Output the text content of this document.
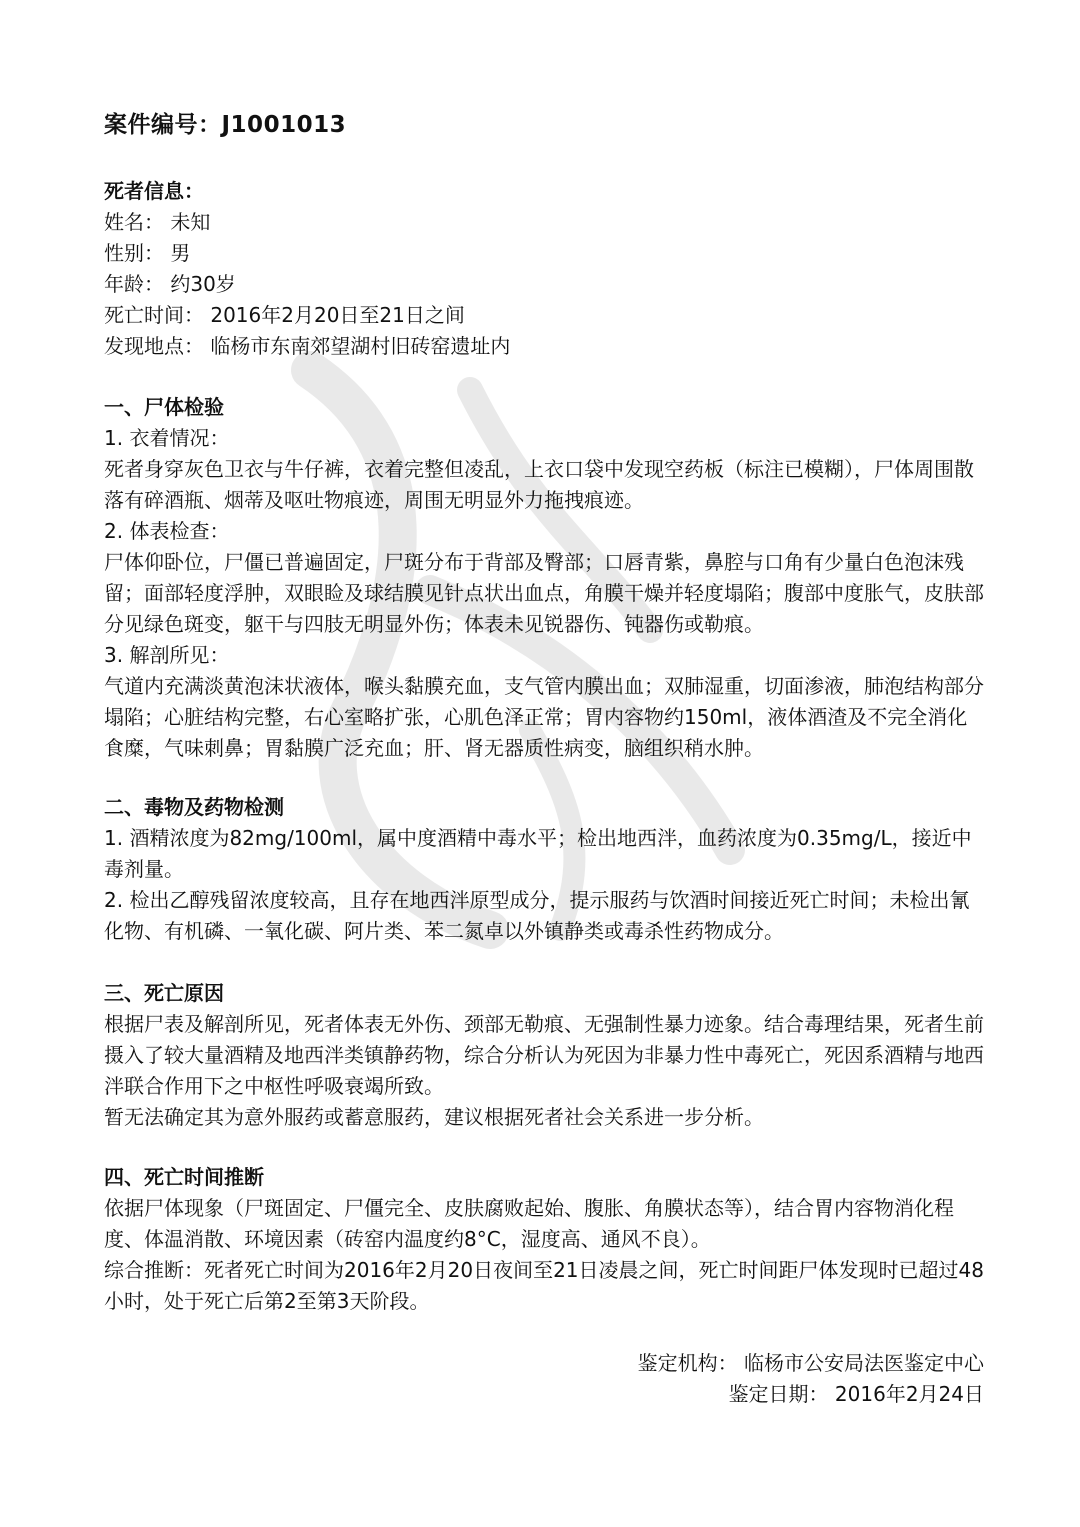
案件编号：J1001013
死者信息：
姓名： 未知
性别： 男
年龄： 约30岁
死亡时间： 2016年2月20日至21日之间
发现地点： 临杨市东南郊望湖村旧砖窑遗址内
一、尸体检验
1. 衣着情况：
死者身穿灰色卫衣与牛仔裤，衣着完整但凌乱，上衣口袋中发现空药板（标注已模糊），尸体周围散落有碎酒瓶、烟蒂及呕吐物痕迹，周围无明显外力拖拽痕迹。
2. 体表检查：
尸体仰卧位，尸僵已普遍固定，尸斑分布于背部及臀部；口唇青紫，鼻腔与口角有少量白色泡沫残留；面部轻度浮肿，双眼睑及球结膜见针点状出血点，角膜干燥并轻度塌陷；腹部中度胀气，皮肤部分见绿色斑变，躯干与四肢无明显外伤；体表未见锐器伤、钝器伤或勒痕。
3. 解剖所见：
气道内充满淡黄泡沫状液体，喉头黏膜充血，支气管内膜出血；双肺湿重，切面渗液，肺泡结构部分塌陷；心脏结构完整，右心室略扩张，心肌色泽正常；胃内容物约150ml，液体酒渣及不完全消化食糜，气味刺鼻；胃黏膜广泛充血；肝、肾无器质性病变，脑组织稍水肿。
二、毒物及药物检测
1. 酒精浓度为82mg/100ml，属中度酒精中毒水平；检出地西泮，血药浓度为0.35mg/L，接近中毒剂量。
2. 检出乙醇残留浓度较高，且存在地西泮原型成分，提示服药与饮酒时间接近死亡时间；未检出氰化物、有机磷、一氧化碳、阿片类、苯二氮卓以外镇静类或毒杀性药物成分。
三、死亡原因
根据尸表及解剖所见，死者体表无外伤、颈部无勒痕、无强制性暴力迹象。结合毒理结果，死者生前摄入了较大量酒精及地西泮类镇静药物，综合分析认为死因为非暴力性中毒死亡，死因系酒精与地西泮联合作用下之中枢性呼吸衰竭所致。
暂无法确定其为意外服药或蓄意服药，建议根据死者社会关系进一步分析。
四、死亡时间推断
依据尸体现象（尸斑固定、尸僵完全、皮肤腐败起始、腹胀、角膜状态等），结合胃内容物消化程度、体温消散、环境因素（砖窑内温度约8°C，湿度高、通风不良）。
综合推断：死者死亡时间为2016年2月20日夜间至21日凌晨之间，死亡时间距尸体发现时已超过48小时，处于死亡后第2至第3天阶段。
鉴定机构： 临杨市公安局法医鉴定中心
鉴定日期： 2016年2月24日
